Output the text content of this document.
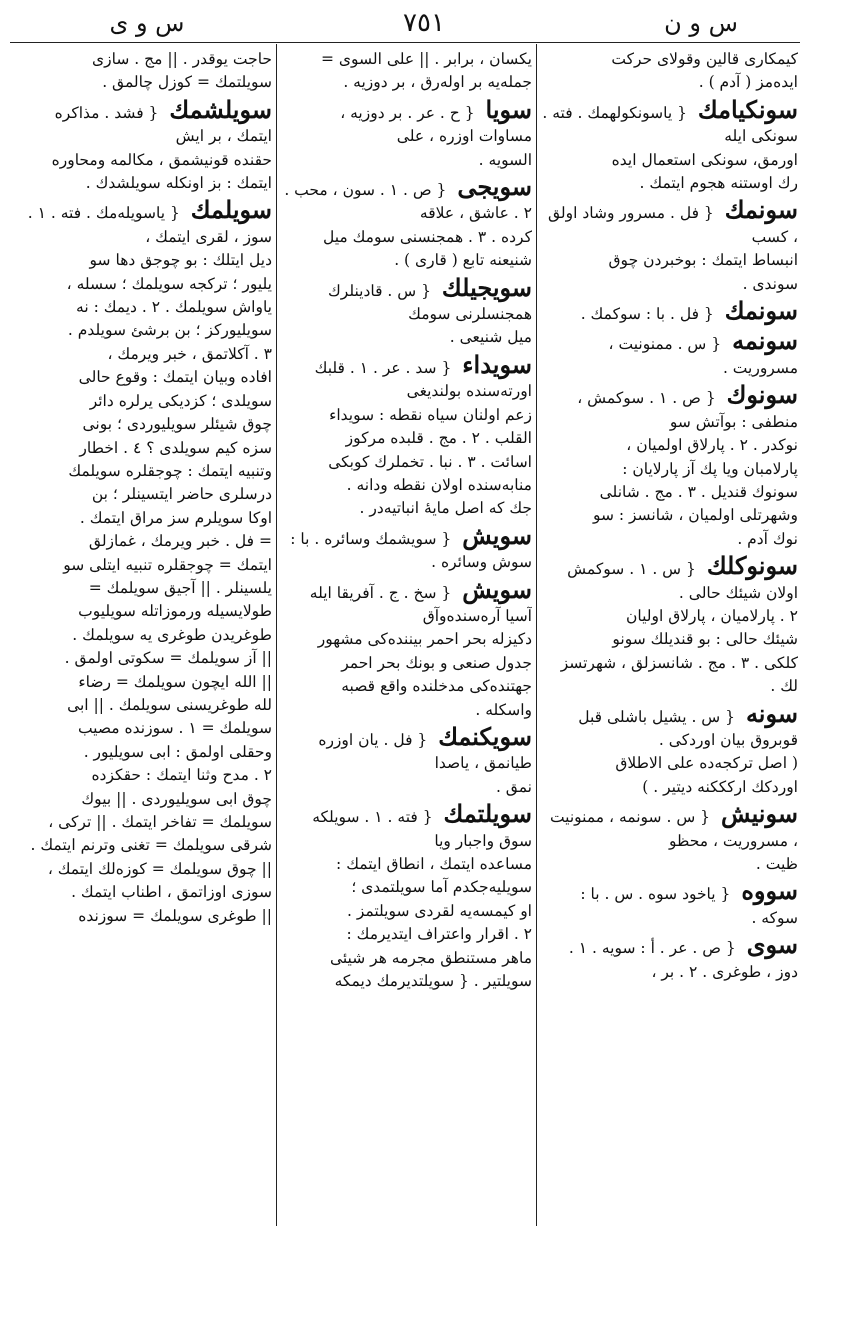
س و ن
٧٥١
س و ى

كيمكارى قالين وقولاى حركت
ايده‌مز ( آدم ) .

سونكيامك { ياسونكولهمك . فته . سونكى ايله
اورمق، سونكى استعمال ايده‌
رك اوستنه هجوم ايتمك .

سونمك { فل . مسرور وشاد اولق ، كسب
انبساط ايتمك : بوخبردن چوق
سوندى .

سونمك { فل . با : سوكمك .

سونمه { س . ممنونيت ، مسروريت .

سونوك { ص . ١ . سوكمش ، منطفى : بوآتش سو‌
نوكدر . ٢ . پارلاق اولميان ،
پارلامبان ويا پك آز پارلايان :
سونوك قنديل . ٣ . مج . شانلى
وشهرتلى اولميان ، شانسز : سو‌
نوك آدم .

سونوكلك { س . ١ . سوكمش اولان شيئك حالى .
٢ . پارلاميان ، پارلاق اوليان
شيئك حالى : بو قنديلك سونو‌
كلكى . ٣ . مج . شانسزلق ، شهرتسز‌
لك .

سونه { س . يشيل باشلى قبل
قوبروق بيان اوردكى .
( اصل تركجه‌ده على الاطلاق
اوردكك اركككنه ديتير . )

سونيش { س . سونمه ، ممنونيت ، مسروريت ، محظو‌
ظيت .

سووه { ياخود سوه . س . با :
سوكه .

سوى { ص . عر . أ : سويه . ١ .
دوز ، طوغرى . ٢ . بر ،

يكسان ، برابر . || على السوى =
جمله‌يه بر اوله‌رق ، بر دوزيه .

سويا { ح . عر . بر دوزيه ،
مساوات اوزره ، على
السويه .

سويجى { ص . ١ . سون ، محب .
٢ . عاشق ، علاقه‌
كرده . ٣ . همجنسنى سومك ميل
شنيعنه تابع ( قارى ) .

سويجيلك { س . قادينلرك
همجنسلرنى سومك
ميل شنيعى .

سويداء { سد . عر . ١ . قلبك
اورته‌سنده بولنديغى
زعم اولنان سياه نقطه : سويداء
القلب . ٢ . مج . قلبده مركوز
اسائت . ٣ . نبا . تخملرك كوبكى
منابه‌سنده اولان نقطه ودانه .
جك كه اصل مايهٔ انباتيه‌در .

سويش { سويشمك وسائره . با :
سوش وسائره .

سويش { سخ . ج . آفريقا ايله
آسيا آره‌سنده‌وآق
دكيزله بحر احمر بيننده‌كى مشهور
جدول صنعى و بونك بحر احمر
جهتنده‌كى مدخلنده واقع قصبه
واسكله .

سويكنمك { فل . يان اوزره
طيانمق ، ياصدا‌
نمق .

سويلتمك { فته . ١ . سويلكه
سوق واجبار ويا
مساعده ايتمك ، انطاق ايتمك :
سويليه‌جكدم آما سويلتمدى ؛
او كيمسه‌يه لقردى سويلتمز .
٢ . اقرار واعتراف ايتديرمك :
ماهر مستنطق مجرمه هر شيئى
سويلتير . { سويلتديرمك ديمكه

حاجت يوقدر . || مج . سازى
سويلتمك = كوزل چالمق .

سويلشمك { فشد . مذاكره
ايتمك ، بر ايش
حقنده قونيشمق ، مكالمه ومحاوره
ايتمك : بز اونكله سويلشدك .

سويلمك { ياسويله‌مك . فته . ١ .
سوز ، لقرى ايتمك ،
ديل ايتلك : بو چوجق دها سو‌
يليور ؛ تركجه سويلمك ؛ سسله ،
ياواش سويلمك . ٢ . ديمك : نه
سويليوركز ؛ بن برشئ سويلدم .
٣ . آكلاتمق ، خبر ويرمك ،
افاده وبيان ايتمك : وقوع حالى
سويلدى ؛ كزديكى يرلره دائر
چوق شيئلر سويليوردى ؛ بونى
سزه كيم سويلدى ؟ ٤ . اخطار
وتنبيه ايتمك : چوجقلره سويلمك
درسلرى حاضر ايتسينلر ؛ بن
اوكا سويلرم سز مراق ايتمك .
= فل . خبر ويرمك ، غمازلق
ايتمك = چوجقلره تنبيه ايتلى سو‌
يلسينلر . || آجيق سويلمك =
طولايسيله ورموزاتله سويليوب
طوغريدن طوغرى يه سويلمك .
|| آز سويلمك = سكوتى اولمق .
|| الله ايچون سويلمك = رضاء
لله طوغريسنى سويلمك . || ابى
سويلمك = ١ . سوزنده مصيب
وحقلى اولمق : ابى سويليور .
٢ . مدح وثنا ايتمك : حقكزده
چوق ابى سويليوردى . || بيوك
سويلمك = تفاخر ايتمك . || تركى ،
شرقى سويلمك = تغنى وترنم ايتمك .
|| چوق سويلمك = كوزه‌لك ايتمك ،
سوزى اوزاتمق ، اطناب ايتمك .
|| طوغرى سويلمك = سوزنده
